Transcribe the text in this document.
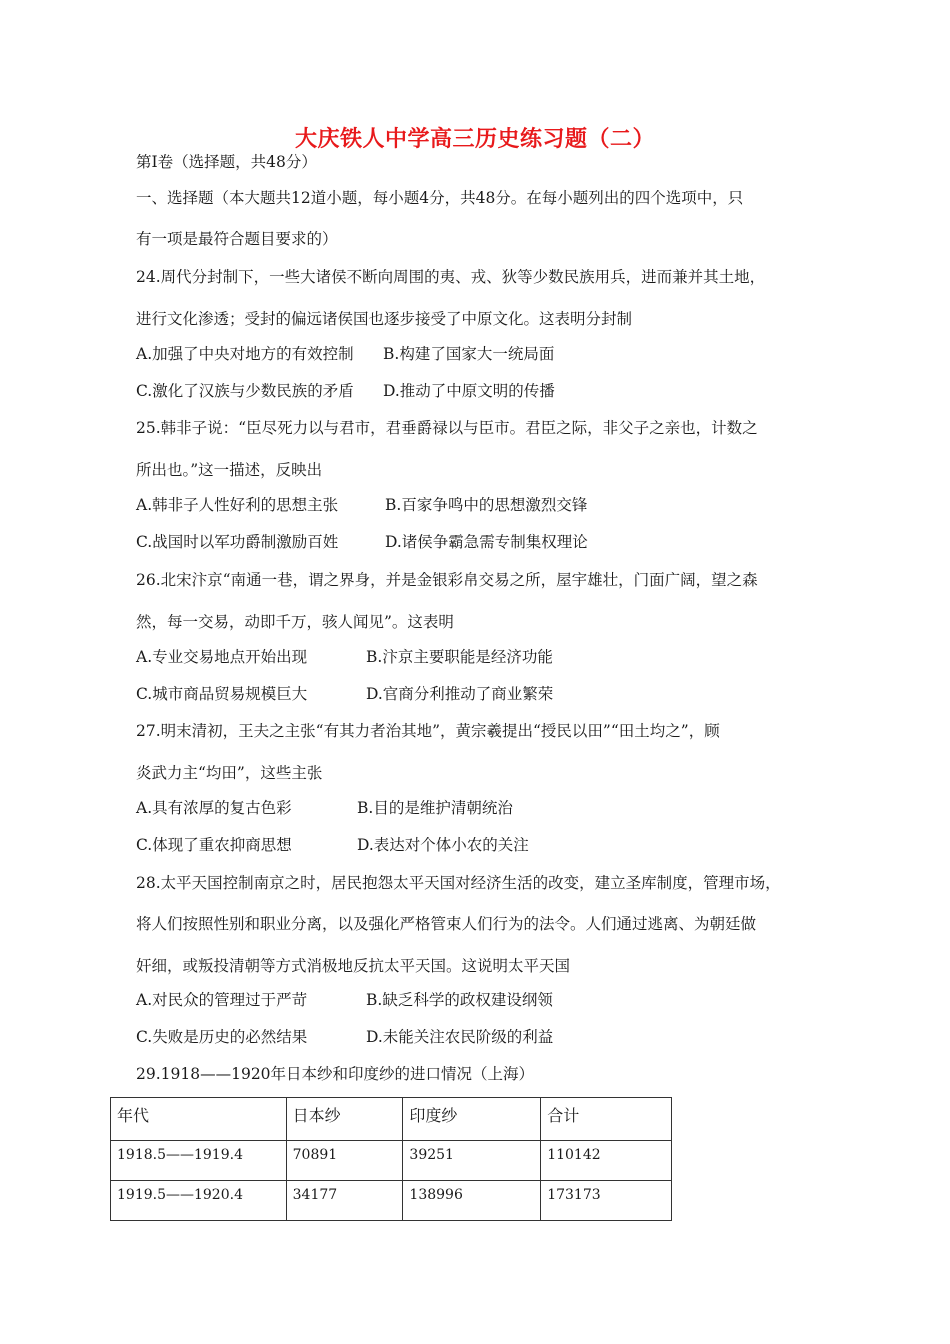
大庆铁人中学高三历史练习题（二）
第Ⅰ卷（选择题，共48分）
一、选择题（本大题共12道小题，每小题4分，共48分。在每小题列出的四个选项中，只
有一项是最符合题目要求的）
24.周代分封制下，一些大诸侯不断向周围的夷、戎、狄等少数民族用兵，进而兼并其土地，
进行文化渗透；受封的偏远诸侯国也逐步接受了中原文化。这表明分封制
A.加强了中央对地方的有效控制 B.构建了国家大一统局面
C.激化了汉族与少数民族的矛盾 D.推动了中原文明的传播
25.韩非子说：“臣尽死力以与君市，君垂爵禄以与臣市。君臣之际，非父子之亲也，计数之
所出也。”这一描述，反映出
A.韩非子人性好利的思想主张	B.百家争鸣中的思想激烈交锋
C.战国时以军功爵制激励百姓	D.诸侯争霸急需专制集权理论
26.北宋汴京“南通一巷，谓之界身，并是金银彩帛交易之所，屋宇雄壮，门面广阔，望之森
然，每一交易，动即千万，骇人闻见”。这表明
A.专业交易地点开始出现	B.汴京主要职能是经济功能
C.城市商品贸易规模巨大	D.官商分利推动了商业繁荣
27.明末清初，王夫之主张“有其力者治其地”，黄宗羲提出“授民以田”“田土均之”，顾
炎武力主“均田”，这些主张
A.具有浓厚的复古色彩	B.目的是维护清朝统治
C.体现了重农抑商思想	D.表达对个体小农的关注
28.太平天国控制南京之时，居民抱怨太平天国对经济生活的改变，建立圣库制度，管理市场，
将人们按照性别和职业分离，以及强化严格管束人们行为的法令。人们通过逃离、为朝廷做
奸细，或叛投清朝等方式消极地反抗太平天国。这说明太平天国
A.对民众的管理过于严苛	B.缺乏科学的政权建设纲领
C.失败是历史的必然结果	D.未能关注农民阶级的利益
29.1918——1920年日本纱和印度纱的进口情况（上海）
年代	日本纱	印度纱	合计
1918.5——1919.4	70891	39251	110142
1919.5——1920.4	34177	138996	173173
